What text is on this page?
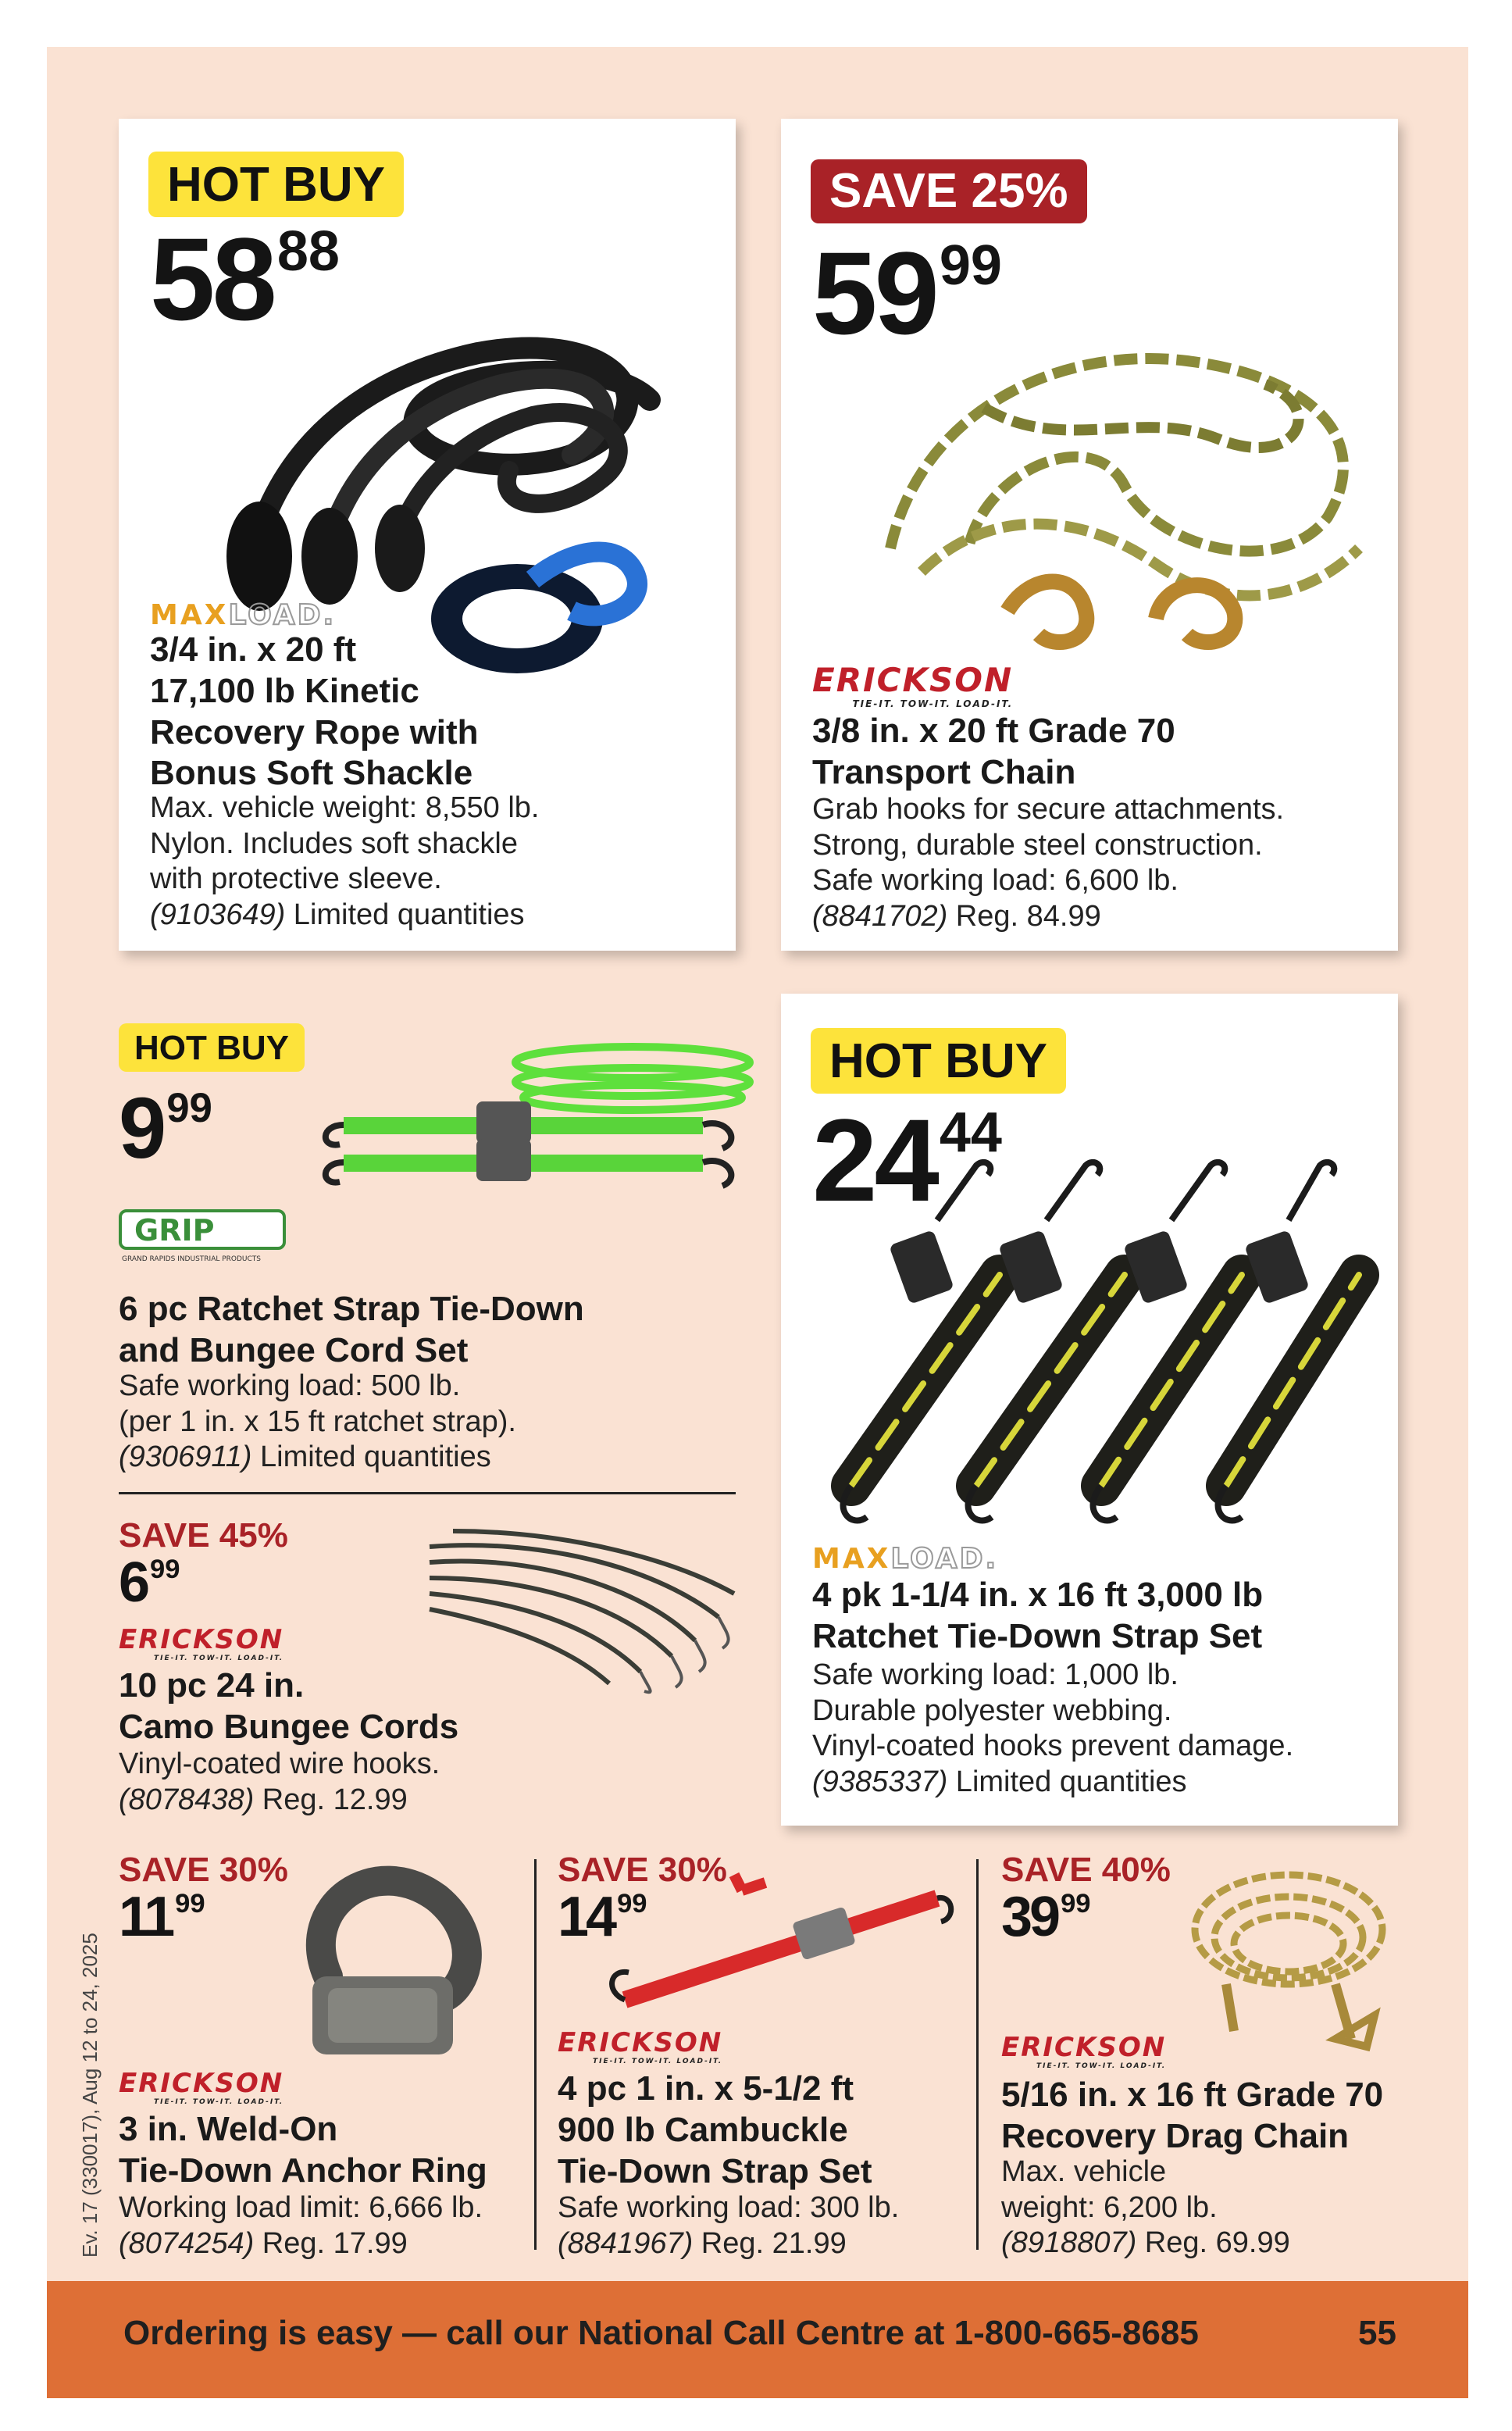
HOT BUY
$58^{88}$
MAXLOAD.
3/4 in. x 20 ft
17,100 lb Kinetic
Recovery Rope with
Bonus Soft Shackle
Max. vehicle weight: 8,550 lb.
Nylon. Includes soft shackle
with protective sleeve.
(9103649) Limited quantities
SAVE 25%
$59^{99}$
ERICKSON
TIE-IT. TOW-IT. LOAD-IT.
3/8 in. x 20 ft Grade 70
Transport Chain
Grab hooks for secure attachments.
Strong, durable steel construction.
Safe working load: 6,600 lb.
(8841702) Reg. 84.99
HOT BUY
$9^{99}$
GRIP
GRAND RAPIDS INDUSTRIAL PRODUCTS
6 pc Ratchet Strap Tie-Down
and Bungee Cord Set
Safe working load: 500 lb.
(per 1 in. x 15 ft ratchet strap).
(9306911) Limited quantities
SAVE 45%
6 $^{99}$
ERICKSON
TIE-IT. TOW-IT. LOAD-IT.
10 pc 24 in.
Camo Bungee Cords
Vinyl-coated wire hooks.
(8078438) Reg. 12.99
HOT BUY
$24^{44}$
MAXLOAD.
4 pk 1-1/4 in. x 16 ft 3,000 lb
Ratchet Tie-Down Strap Set
Safe working load: 1,000 lb.
Durable polyester webbing.
Vinyl-coated hooks prevent damage.
(9385337) Limited quantities
SAVE 30%
11 $^{99}$
ERICKSON
TIE-IT. TOW-IT. LOAD-IT.
3 in. Weld-On
Tie-Down Anchor Ring
Working load limit: 6,666 lb.
(8074254) Reg. 17.99
SAVE 30%
14 $^{99}$
ERICKSON
TIE-IT. TOW-IT. LOAD-IT.
4 pc 1 in. x 5-1/2 ft
900 lb Cambuckle
Tie-Down Strap Set
Safe working load: 300 lb.
(8841967) Reg. 21.99
SAVE 40%
39 $^{99}$
ERICKSON
TIE-IT. TOW-IT. LOAD-IT.
5/16 in. x 16 ft Grade 70
Recovery Drag Chain
Max. vehicle
weight: 6,200 lb.
(8918807) Reg. 69.99
Ev. 17 (330017), Aug 12 to 24, 2025
Ordering is easy — call our National Call Centre at 1-800-665-8685	55
